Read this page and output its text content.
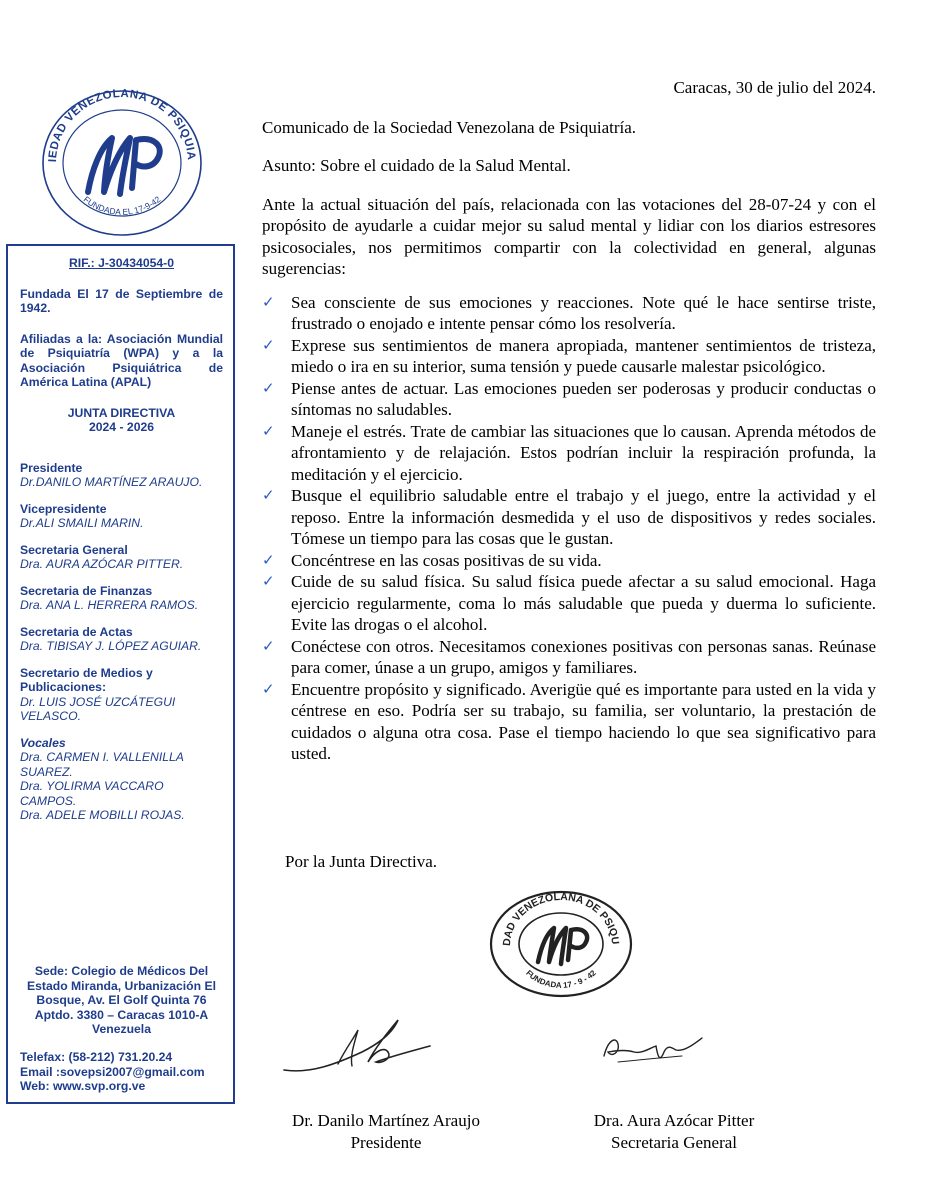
IEDAD VENEZOLANA DE PSIQUIA
FUNDADA EL 17-9-42
RIF.: J-30434054-0
Fundada El 17 de Septiembre de 1942.
Afiliadas a la: Asociación Mundial de Psiquiatría (WPA) y a la Asociación Psiquiátrica de América Latina (APAL)
JUNTA DIRECTIVA
2024 - 2026
Presidente
Dr.DANILO MARTÍNEZ ARAUJO.
Vicepresidente
Dr.ALI SMAILI MARIN.
Secretaria General
Dra. AURA AZÓCAR PITTER.
Secretaria de Finanzas
Dra. ANA L. HERRERA RAMOS.
Secretaria de Actas
Dra. TIBISAY J. LÓPEZ AGUIAR.
Secretario de Medios y Publicaciones:
Dr. LUIS JOSÉ UZCÁTEGUI VELASCO.
Vocales
Dra. CARMEN I. VALLENILLA SUAREZ.
Dra. YOLIRMA VACCARO CAMPOS.
Dra. ADELE MOBILLI ROJAS.
Sede: Colegio de Médicos Del Estado Miranda, Urbanización El Bosque, Av. El Golf Quinta 76 Aptdo. 3380 – Caracas 1010-A Venezuela
Telefax: (58-212) 731.20.24
Email :sovepsi2007@gmail.com
Web: www.svp.org.ve
Caracas, 30 de julio del 2024.
Comunicado de la Sociedad Venezolana de Psiquiatría.
Asunto: Sobre el cuidado de la Salud Mental.
Ante la actual situación del país, relacionada con las votaciones del 28-07-24 y con el propósito de ayudarle a cuidar mejor su salud mental y lidiar con los diarios estresores psicosociales, nos permitimos compartir con la colectividad en general, algunas sugerencias:
✓ Sea consciente de sus emociones y reacciones. Note qué le hace sentirse triste, frustrado o enojado e intente pensar cómo los resolvería.
✓ Exprese sus sentimientos de manera apropiada, mantener sentimientos de tristeza, miedo o ira en su interior, suma tensión y puede causarle malestar psicológico.
✓ Piense antes de actuar. Las emociones pueden ser poderosas y producir conductas o síntomas no saludables.
✓ Maneje el estrés. Trate de cambiar las situaciones que lo causan. Aprenda métodos de afrontamiento y de relajación. Estos podrían incluir la respiración profunda, la meditación y el ejercicio.
✓ Busque el equilibrio saludable entre el trabajo y el juego, entre la actividad y el reposo. Entre la información desmedida y el uso de dispositivos y redes sociales. Tómese un tiempo para las cosas que le gustan.
✓ Concéntrese en las cosas positivas de su vida.
✓ Cuide de su salud física. Su salud física puede afectar a su salud emocional. Haga ejercicio regularmente, coma lo más saludable que pueda y duerma lo suficiente. Evite las drogas o el alcohol.
✓ Conéctese con otros. Necesitamos conexiones positivas con personas sanas. Reúnase para comer, únase a un grupo, amigos y familiares.
✓ Encuentre propósito y significado. Averigüe qué es importante para usted en la vida y céntrese en eso. Podría ser su trabajo, su familia, ser voluntario, la prestación de cuidados o alguna otra cosa. Pase el tiempo haciendo lo que sea significativo para usted.
Por la Junta Directiva.
DAD VENEZOLANA DE PSIQU
FUNDADA 17 - 9 - 42
Dr. Danilo Martínez Araujo
Presidente
Dra. Aura Azócar Pitter
Secretaria General
